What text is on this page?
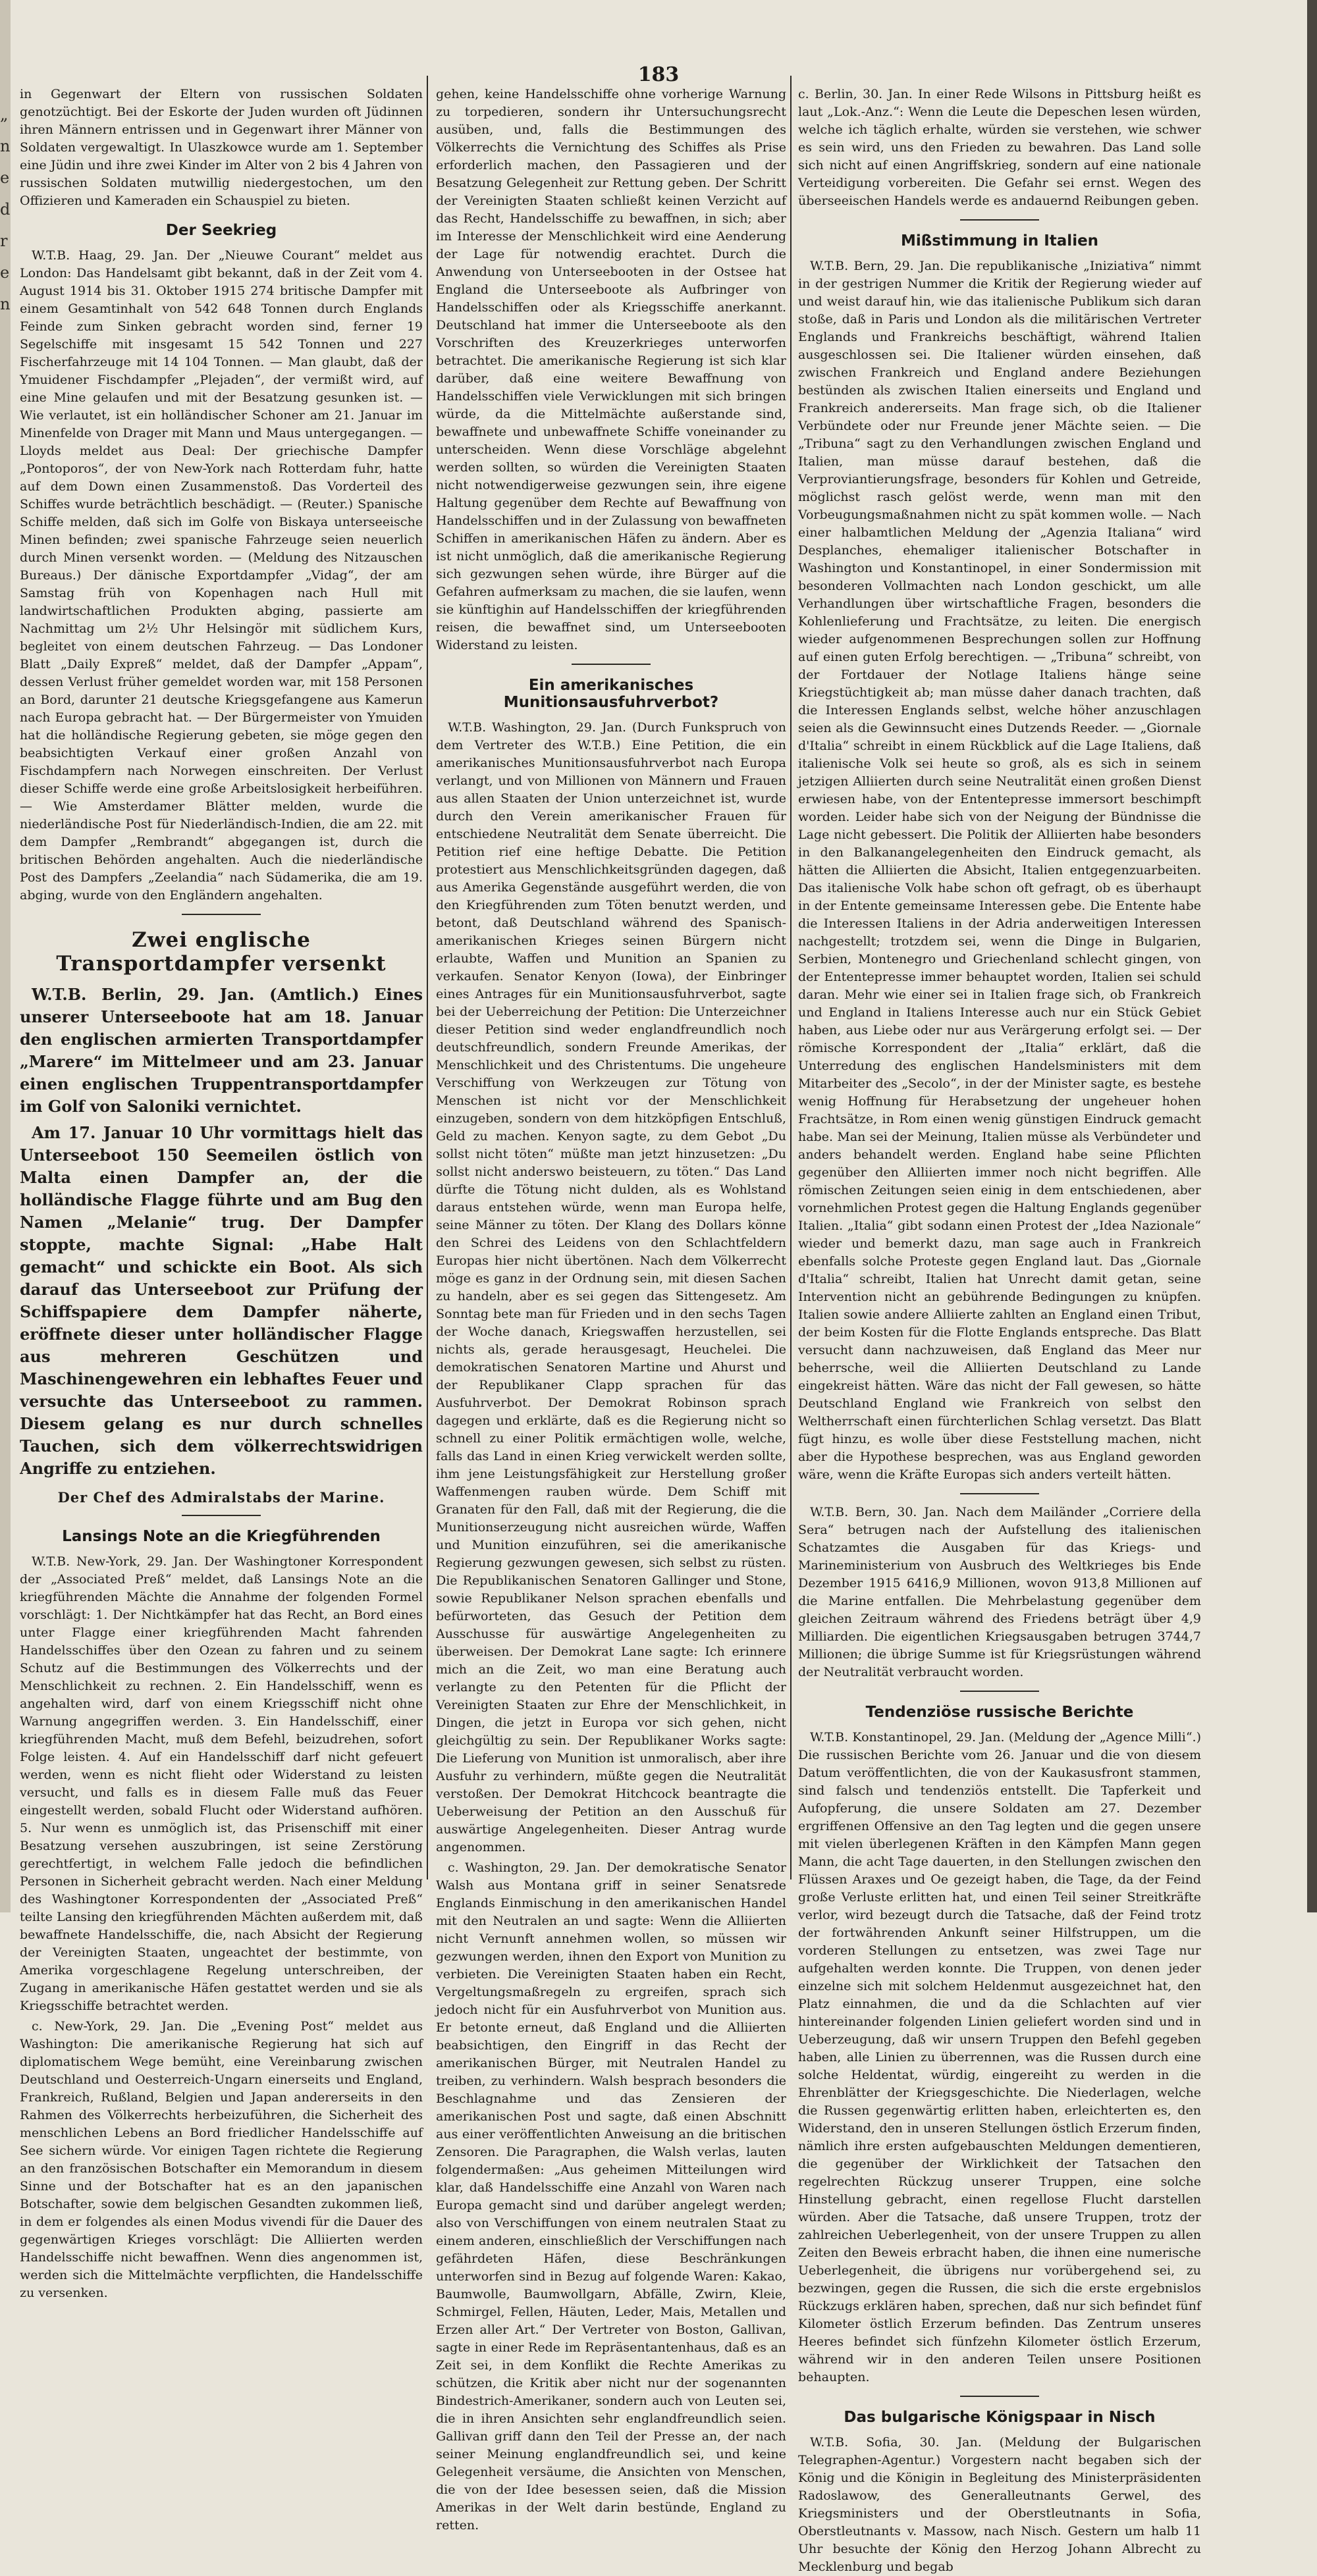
„
n
e
d
r
e
n
183

in Gegenwart der Eltern von russischen Soldaten genotzüchtigt. Bei der Eskorte der Juden wurden oft Jüdinnen ihren Männern entrissen und in Gegenwart ihrer Männer von Soldaten vergewaltigt. In Ulaszkowce wurde am 1. September eine Jüdin und ihre zwei Kinder im Alter von 2 bis 4 Jahren von russischen Soldaten mutwillig niedergestochen, um den Offizieren und Kameraden ein Schauspiel zu bieten.

Der Seekrieg

W.T.B. Haag, 29. Jan. Der „Nieuwe Courant“ meldet aus London: Das Handelsamt gibt bekannt, daß in der Zeit vom 4. August 1914 bis 31. Oktober 1915 274 britische Dampfer mit einem Gesamtinhalt von 542 648 Tonnen durch Englands Feinde zum Sinken gebracht worden sind, ferner 19 Segelschiffe mit insgesamt 15 542 Tonnen und 227 Fischerfahrzeuge mit 14 104 Tonnen. — Man glaubt, daß der Ymuidener Fischdampfer „Plejaden“, der vermißt wird, auf eine Mine gelaufen und mit der Besatzung gesunken ist. — Wie verlautet, ist ein holländischer Schoner am 21. Januar im Minenfelde von Drager mit Mann und Maus untergegangen. — Lloyds meldet aus Deal: Der griechische Dampfer „Pontoporos“, der von New-York nach Rotterdam fuhr, hatte auf dem Down einen Zusammenstoß. Das Vorderteil des Schiffes wurde beträchtlich beschädigt. — (Reuter.) Spanische Schiffe melden, daß sich im Golfe von Biskaya unterseeische Minen befinden; zwei spanische Fahrzeuge seien neuerlich durch Minen versenkt worden. — (Meldung des Nitzauschen Bureaus.) Der dänische Exportdampfer „Vidag“, der am Samstag früh von Kopenhagen nach Hull mit landwirtschaftlichen Produkten abging, passierte am Nachmittag um 2½ Uhr Helsingör mit südlichem Kurs, begleitet von einem deutschen Fahrzeug. — Das Londoner Blatt „Daily Expreß“ meldet, daß der Dampfer „Appam“, dessen Verlust früher gemeldet worden war, mit 158 Personen an Bord, darunter 21 deutsche Kriegsgefangene aus Kamerun nach Europa gebracht hat. — Der Bürgermeister von Ymuiden hat die holländische Regierung gebeten, sie möge gegen den beabsichtigten Verkauf einer großen Anzahl von Fischdampfern nach Norwegen einschreiten. Der Verlust dieser Schiffe werde eine große Arbeitslosigkeit herbeiführen. — Wie Amsterdamer Blätter melden, wurde die niederländische Post für Niederländisch-Indien, die am 22. mit dem Dampfer „Rembrandt“ abgegangen ist, durch die britischen Behörden angehalten. Auch die niederländische Post des Dampfers „Zeelandia“ nach Südamerika, die am 19. abging, wurde von den Engländern angehalten.

Zwei englische Transportdampfer versenkt

W.T.B. Berlin, 29. Jan. (Amtlich.) Eines unserer Unterseeboote hat am 18. Januar den englischen armierten Transportdampfer „Marere“ im Mittelmeer und am 23. Januar einen englischen Truppentransportdampfer im Golf von Saloniki vernichtet.

Am 17. Januar 10 Uhr vormittags hielt das Unterseeboot 150 Seemeilen östlich von Malta einen Dampfer an, der die holländische Flagge führte und am Bug den Namen „Melanie“ trug. Der Dampfer stoppte, machte Signal: „Habe Halt gemacht“ und schickte ein Boot. Als sich darauf das Unterseeboot zur Prüfung der Schiffspapiere dem Dampfer näherte, eröffnete dieser unter holländischer Flagge aus mehreren Geschützen und Maschinengewehren ein lebhaftes Feuer und versuchte das Unterseeboot zu rammen. Diesem gelang es nur durch schnelles Tauchen, sich dem völkerrechtswidrigen Angriffe zu entziehen.

Der Chef des Admiralstabs der Marine.
Lansings Note an die Kriegführenden

W.T.B. New-York, 29. Jan. Der Washingtoner Korrespondent der „Associated Preß“ meldet, daß Lansings Note an die kriegführenden Mächte die Annahme der folgenden Formel vorschlägt: 1. Der Nichtkämpfer hat das Recht, an Bord eines unter Flagge einer kriegführenden Macht fahrenden Handelsschiffes über den Ozean zu fahren und zu seinem Schutz auf die Bestimmungen des Völkerrechts und der Menschlichkeit zu rechnen. 2. Ein Handelsschiff, wenn es angehalten wird, darf von einem Kriegsschiff nicht ohne Warnung angegriffen werden. 3. Ein Handelsschiff, einer kriegführenden Macht, muß dem Befehl, beizudrehen, sofort Folge leisten. 4. Auf ein Handelsschiff darf nicht gefeuert werden, wenn es nicht flieht oder Widerstand zu leisten versucht, und falls es in diesem Falle muß das Feuer eingestellt werden, sobald Flucht oder Widerstand aufhören. 5. Nur wenn es unmöglich ist, das Prisenschiff mit einer Besatzung versehen auszubringen, ist seine Zerstörung gerechtfertigt, in welchem Falle jedoch die befindlichen Personen in Sicherheit gebracht werden. Nach einer Meldung des Washingtoner Korrespondenten der „Associated Preß“ teilte Lansing den kriegführenden Mächten außerdem mit, daß bewaffnete Handelsschiffe, die, nach Absicht der Regierung der Vereinigten Staaten, ungeachtet der bestimmte, von Amerika vorgeschlagene Regelung unterschreiben, der Zugang in amerikanische Häfen gestattet werden und sie als Kriegsschiffe betrachtet werden.

c. New-York, 29. Jan. Die „Evening Post“ meldet aus Washington: Die amerikanische Regierung hat sich auf diplomatischem Wege bemüht, eine Vereinbarung zwischen Deutschland und Oesterreich-Ungarn einerseits und England, Frankreich, Rußland, Belgien und Japan andererseits in den Rahmen des Völkerrechts herbeizuführen, die Sicherheit des menschlichen Lebens an Bord friedlicher Handelsschiffe auf See sichern würde. Vor einigen Tagen richtete die Regierung an den französischen Botschafter ein Memorandum in diesem Sinne und der Botschafter hat es an den japanischen Botschafter, sowie dem belgischen Gesandten zukommen ließ, in dem er folgendes als einen Modus vivendi für die Dauer des gegenwärtigen Krieges vorschlägt: Die Alliierten werden Handelsschiffe nicht bewaffnen. Wenn dies angenommen ist, werden sich die Mittelmächte verpflichten, die Handelsschiffe zu versenken.

gehen, keine Handelsschiffe ohne vorherige Warnung zu torpedieren, sondern ihr Untersuchungsrecht ausüben, und, falls die Bestimmungen des Völkerrechts die Vernichtung des Schiffes als Prise erforderlich machen, den Passagieren und der Besatzung Gelegenheit zur Rettung geben. Der Schritt der Vereinigten Staaten schließt keinen Verzicht auf das Recht, Handelsschiffe zu bewaffnen, in sich; aber im Interesse der Menschlichkeit wird eine Aenderung der Lage für notwendig erachtet. Durch die Anwendung von Unterseebooten in der Ostsee hat England die Unterseeboote als Aufbringer von Handelsschiffen oder als Kriegsschiffe anerkannt. Deutschland hat immer die Unterseeboote als den Vorschriften des Kreuzerkrieges unterworfen betrachtet. Die amerikanische Regierung ist sich klar darüber, daß eine weitere Bewaffnung von Handelsschiffen viele Verwicklungen mit sich bringen würde, da die Mittelmächte außerstande sind, bewaffnete und unbewaffnete Schiffe voneinander zu unterscheiden. Wenn diese Vorschläge abgelehnt werden sollten, so würden die Vereinigten Staaten nicht notwendigerweise gezwungen sein, ihre eigene Haltung gegenüber dem Rechte auf Bewaffnung von Handelsschiffen und in der Zulassung von bewaffneten Schiffen in amerikanischen Häfen zu ändern. Aber es ist nicht unmöglich, daß die amerikanische Regierung sich gezwungen sehen würde, ihre Bürger auf die Gefahren aufmerksam zu machen, die sie laufen, wenn sie künftighin auf Handelsschiffen der kriegführenden reisen, die bewaffnet sind, um Unterseebooten Widerstand zu leisten.

Ein amerikanisches Munitionsausfuhrverbot?

W.T.B. Washington, 29. Jan. (Durch Funkspruch von dem Vertreter des W.T.B.) Eine Petition, die ein amerikanisches Munitionsausfuhrverbot nach Europa verlangt, und von Millionen von Männern und Frauen aus allen Staaten der Union unterzeichnet ist, wurde durch den Verein amerikanischer Frauen für entschiedene Neutralität dem Senate überreicht. Die Petition rief eine heftige Debatte. Die Petition protestiert aus Menschlichkeitsgründen dagegen, daß aus Amerika Gegenstände ausgeführt werden, die von den Kriegführenden zum Töten benutzt werden, und betont, daß Deutschland während des Spanisch-amerikanischen Krieges seinen Bürgern nicht erlaubte, Waffen und Munition an Spanien zu verkaufen. Senator Kenyon (Iowa), der Einbringer eines Antrages für ein Munitionsausfuhrverbot, sagte bei der Ueberreichung der Petition: Die Unterzeichner dieser Petition sind weder englandfreundlich noch deutschfreundlich, sondern Freunde Amerikas, der Menschlichkeit und des Christentums. Die ungeheure Verschiffung von Werkzeugen zur Tötung von Menschen ist nicht vor der Menschlichkeit einzugeben, sondern von dem hitzköpfigen Entschluß, Geld zu machen. Kenyon sagte, zu dem Gebot „Du sollst nicht töten“ müßte man jetzt hinzusetzen: „Du sollst nicht anderswo beisteuern, zu töten.“ Das Land dürfte die Tötung nicht dulden, als es Wohlstand daraus entstehen würde, wenn man Europa helfe, seine Männer zu töten. Der Klang des Dollars könne den Schrei des Leidens von den Schlachtfeldern Europas hier nicht übertönen. Nach dem Völkerrecht möge es ganz in der Ordnung sein, mit diesen Sachen zu handeln, aber es sei gegen das Sittengesetz. Am Sonntag bete man für Frieden und in den sechs Tagen der Woche danach, Kriegswaffen herzustellen, sei nichts als, gerade herausgesagt, Heuchelei. Die demokratischen Senatoren Martine und Ahurst und der Republikaner Clapp sprachen für das Ausfuhrverbot. Der Demokrat Robinson sprach dagegen und erklärte, daß es die Regierung nicht so schnell zu einer Politik ermächtigen wolle, welche, falls das Land in einen Krieg verwickelt werden sollte, ihm jene Leistungsfähigkeit zur Herstellung großer Waffenmengen rauben würde. Dem Schiff mit Granaten für den Fall, daß mit der Regierung, die die Munitionserzeugung nicht ausreichen würde, Waffen und Munition einzuführen, sei die amerikanische Regierung gezwungen gewesen, sich selbst zu rüsten. Die Republikanischen Senatoren Gallinger und Stone, sowie Republikaner Nelson sprachen ebenfalls und befürworteten, das Gesuch der Petition dem Ausschusse für auswärtige Angelegenheiten zu überweisen. Der Demokrat Lane sagte: Ich erinnere mich an die Zeit, wo man eine Beratung auch verlangte zu den Petenten für die Pflicht der Vereinigten Staaten zur Ehre der Menschlichkeit, in Dingen, die jetzt in Europa vor sich gehen, nicht gleichgültig zu sein. Der Republikaner Works sagte: Die Lieferung von Munition ist unmoralisch, aber ihre Ausfuhr zu verhindern, müßte gegen die Neutralität verstoßen. Der Demokrat Hitchcock beantragte die Ueberweisung der Petition an den Ausschuß für auswärtige Angelegenheiten. Dieser Antrag wurde angenommen.

c. Washington, 29. Jan. Der demokratische Senator Walsh aus Montana griff in seiner Senatsrede Englands Einmischung in den amerikanischen Handel mit den Neutralen an und sagte: Wenn die Alliierten nicht Vernunft annehmen wollen, so müssen wir gezwungen werden, ihnen den Export von Munition zu verbieten. Die Vereinigten Staaten haben ein Recht, Vergeltungsmaßregeln zu ergreifen, sprach sich jedoch nicht für ein Ausfuhrverbot von Munition aus. Er betonte erneut, daß England und die Alliierten beabsichtigen, den Eingriff in das Recht der amerikanischen Bürger, mit Neutralen Handel zu treiben, zu verhindern. Walsh besprach besonders die Beschlagnahme und das Zensieren der amerikanischen Post und sagte, daß einen Abschnitt aus einer veröffentlichten Anweisung an die britischen Zensoren. Die Paragraphen, die Walsh verlas, lauten folgendermaßen: „Aus geheimen Mitteilungen wird klar, daß Handelsschiffe eine Anzahl von Waren nach Europa gemacht sind und darüber angelegt werden; also von Verschiffungen von einem neutralen Staat zu einem anderen, einschließlich der Verschiffungen nach gefährdeten Häfen, diese Beschränkungen unterworfen sind in Bezug auf folgende Waren: Kakao, Baumwolle, Baumwollgarn, Abfälle, Zwirn, Kleie, Schmirgel, Fellen, Häuten, Leder, Mais, Metallen und Erzen aller Art.“ Der Vertreter von Boston, Gallivan, sagte in einer Rede im Repräsentantenhaus, daß es an Zeit sei, in dem Konflikt die Rechte Amerikas zu schützen, die Kritik aber nicht nur der sogenannten Bindestrich-Amerikaner, sondern auch von Leuten sei, die in ihren Ansichten sehr englandfreundlich seien. Gallivan griff dann den Teil der Presse an, der nach seiner Meinung englandfreundlich sei, und keine Gelegenheit versäume, die Ansichten von Menschen, die von der Idee besessen seien, daß die Mission Amerikas in der Welt darin bestünde, England zu retten.

c. Berlin, 30. Jan. In einer Rede Wilsons in Pittsburg heißt es laut „Lok.-Anz.“: Wenn die Leute die Depeschen lesen würden, welche ich täglich erhalte, würden sie verstehen, wie schwer es sein wird, uns den Frieden zu bewahren. Das Land solle sich nicht auf einen Angriffskrieg, sondern auf eine nationale Verteidigung vorbereiten. Die Gefahr sei ernst. Wegen des überseeischen Handels werde es andauernd Reibungen geben.

Mißstimmung in Italien

W.T.B. Bern, 29. Jan. Die republikanische „Iniziativa“ nimmt in der gestrigen Nummer die Kritik der Regierung wieder auf und weist darauf hin, wie das italienische Publikum sich daran stoße, daß in Paris und London als die militärischen Vertreter Englands und Frankreichs beschäftigt, während Italien ausgeschlossen sei. Die Italiener würden einsehen, daß zwischen Frankreich und England andere Beziehungen bestünden als zwischen Italien einerseits und England und Frankreich andererseits. Man frage sich, ob die Italiener Verbündete oder nur Freunde jener Mächte seien. — Die „Tribuna“ sagt zu den Verhandlungen zwischen England und Italien, man müsse darauf bestehen, daß die Verproviantierungsfrage, besonders für Kohlen und Getreide, möglichst rasch gelöst werde, wenn man mit den Vorbeugungsmaßnahmen nicht zu spät kommen wolle. — Nach einer halbamtlichen Meldung der „Agenzia Italiana“ wird Desplanches, ehemaliger italienischer Botschafter in Washington und Konstantinopel, in einer Sondermission mit besonderen Vollmachten nach London geschickt, um alle Verhandlungen über wirtschaftliche Fragen, besonders die Kohlenlieferung und Frachtsätze, zu leiten. Die energisch wieder aufgenommenen Besprechungen sollen zur Hoffnung auf einen guten Erfolg berechtigen. — „Tribuna“ schreibt, von der Fortdauer der Notlage Italiens hänge seine Kriegstüchtigkeit ab; man müsse daher danach trachten, daß die Interessen Englands selbst, welche höher anzuschlagen seien als die Gewinnsucht eines Dutzends Reeder. — „Giornale d'Italia“ schreibt in einem Rückblick auf die Lage Italiens, daß italienische Volk sei heute so groß, als es sich in seinem jetzigen Alliierten durch seine Neutralität einen großen Dienst erwiesen habe, von der Ententepresse immersort beschimpft worden. Leider habe sich von der Neigung der Bündnisse die Lage nicht gebessert. Die Politik der Alliierten habe besonders in den Balkanangelegenheiten den Eindruck gemacht, als hätten die Alliierten die Absicht, Italien entgegenzuarbeiten. Das italienische Volk habe schon oft gefragt, ob es überhaupt in der Entente gemeinsame Interessen gebe. Die Entente habe die Interessen Italiens in der Adria anderweitigen Interessen nachgestellt; trotzdem sei, wenn die Dinge in Bulgarien, Serbien, Montenegro und Griechenland schlecht gingen, von der Ententepresse immer behauptet worden, Italien sei schuld daran. Mehr wie einer sei in Italien frage sich, ob Frankreich und England in Italiens Interesse auch nur ein Stück Gebiet haben, aus Liebe oder nur aus Verärgerung erfolgt sei. — Der römische Korrespondent der „Italia“ erklärt, daß die Unterredung des englischen Handelsministers mit dem Mitarbeiter des „Secolo“, in der der Minister sagte, es bestehe wenig Hoffnung für Herabsetzung der ungeheuer hohen Frachtsätze, in Rom einen wenig günstigen Eindruck gemacht habe. Man sei der Meinung, Italien müsse als Verbündeter und anders behandelt werden. England habe seine Pflichten gegenüber den Alliierten immer noch nicht begriffen. Alle römischen Zeitungen seien einig in dem entschiedenen, aber vornehmlichen Protest gegen die Haltung Englands gegenüber Italien. „Italia“ gibt sodann einen Protest der „Idea Nazionale“ wieder und bemerkt dazu, man sage auch in Frankreich ebenfalls solche Proteste gegen England laut. Das „Giornale d'Italia“ schreibt, Italien hat Unrecht damit getan, seine Intervention nicht an gebührende Bedingungen zu knüpfen. Italien sowie andere Alliierte zahlten an England einen Tribut, der beim Kosten für die Flotte Englands entspreche. Das Blatt versucht dann nachzuweisen, daß England das Meer nur beherrsche, weil die Alliierten Deutschland zu Lande eingekreist hätten. Wäre das nicht der Fall gewesen, so hätte Deutschland England wie Frankreich von selbst den Weltherrschaft einen fürchterlichen Schlag versetzt. Das Blatt fügt hinzu, es wolle über diese Feststellung machen, nicht aber die Hypothese besprechen, was aus England geworden wäre, wenn die Kräfte Europas sich anders verteilt hätten.

W.T.B. Bern, 30. Jan. Nach dem Mailänder „Corriere della Sera“ betrugen nach der Aufstellung des italienischen Schatzamtes die Ausgaben für das Kriegs- und Marineministerium von Ausbruch des Weltkrieges bis Ende Dezember 1915 6416,9 Millionen, wovon 913,8 Millionen auf die Marine entfallen. Die Mehrbelastung gegenüber dem gleichen Zeitraum während des Friedens beträgt über 4,9 Milliarden. Die eigentlichen Kriegsausgaben betrugen 3744,7 Millionen; die übrige Summe ist für Kriegsrüstungen während der Neutralität verbraucht worden.

Tendenziöse russische Berichte

W.T.B. Konstantinopel, 29. Jan. (Meldung der „Agence Milli“.) Die russischen Berichte vom 26. Januar und die von diesem Datum veröffentlichten, die von der Kaukasusfront stammen, sind falsch und tendenziös entstellt. Die Tapferkeit und Aufopferung, die unsere Soldaten am 27. Dezember ergriffenen Offensive an den Tag legten und die gegen unsere mit vielen überlegenen Kräften in den Kämpfen Mann gegen Mann, die acht Tage dauerten, in den Stellungen zwischen den Flüssen Araxes und Oe gezeigt haben, die Tage, da der Feind große Verluste erlitten hat, und einen Teil seiner Streitkräfte verlor, wird bezeugt durch die Tatsache, daß der Feind trotz der fortwährenden Ankunft seiner Hilfstruppen, um die vorderen Stellungen zu entsetzen, was zwei Tage nur aufgehalten werden konnte. Die Truppen, von denen jeder einzelne sich mit solchem Heldenmut ausgezeichnet hat, den Platz einnahmen, die und da die Schlachten auf vier hintereinander folgenden Linien geliefert worden sind und in Ueberzeugung, daß wir unsern Truppen den Befehl gegeben haben, alle Linien zu überrennen, was die Russen durch eine solche Heldentat, würdig, eingereiht zu werden in die Ehrenblätter der Kriegsgeschichte. Die Niederlagen, welche die Russen gegenwärtig erlitten haben, erleichterten es, den Widerstand, den in unseren Stellungen östlich Erzerum finden, nämlich ihre ersten aufgebauschten Meldungen dementieren, die gegenüber der Wirklichkeit der Tatsachen den regelrechten Rückzug unserer Truppen, eine solche Hinstellung gebracht, einen regellose Flucht darstellen würden. Aber die Tatsache, daß unsere Truppen, trotz der zahlreichen Ueberlegenheit, von der unsere Truppen zu allen Zeiten den Beweis erbracht haben, die ihnen eine numerische Ueberlegenheit, die übrigens nur vorübergehend sei, zu bezwingen, gegen die Russen, die sich die erste ergebnislos Rückzugs erklären haben, sprechen, daß nur sich befindet fünf Kilometer östlich Erzerum befinden. Das Zentrum unseres Heeres befindet sich fünfzehn Kilometer östlich Erzerum, während wir in den anderen Teilen unsere Positionen behaupten.

Das bulgarische Königspaar in Nisch

W.T.B. Sofia, 30. Jan. (Meldung der Bulgarischen Telegraphen-Agentur.) Vorgestern nacht begaben sich der König und die Königin in Begleitung des Ministerpräsidenten Radoslawow, des Generalleutnants Gerwel, des Kriegsministers und der Oberstleutnants in Sofia, Oberstleutnants v. Massow, nach Nisch. Gestern um halb 11 Uhr besuchte der König den Herzog Johann Albrecht zu Mecklenburg und begab
